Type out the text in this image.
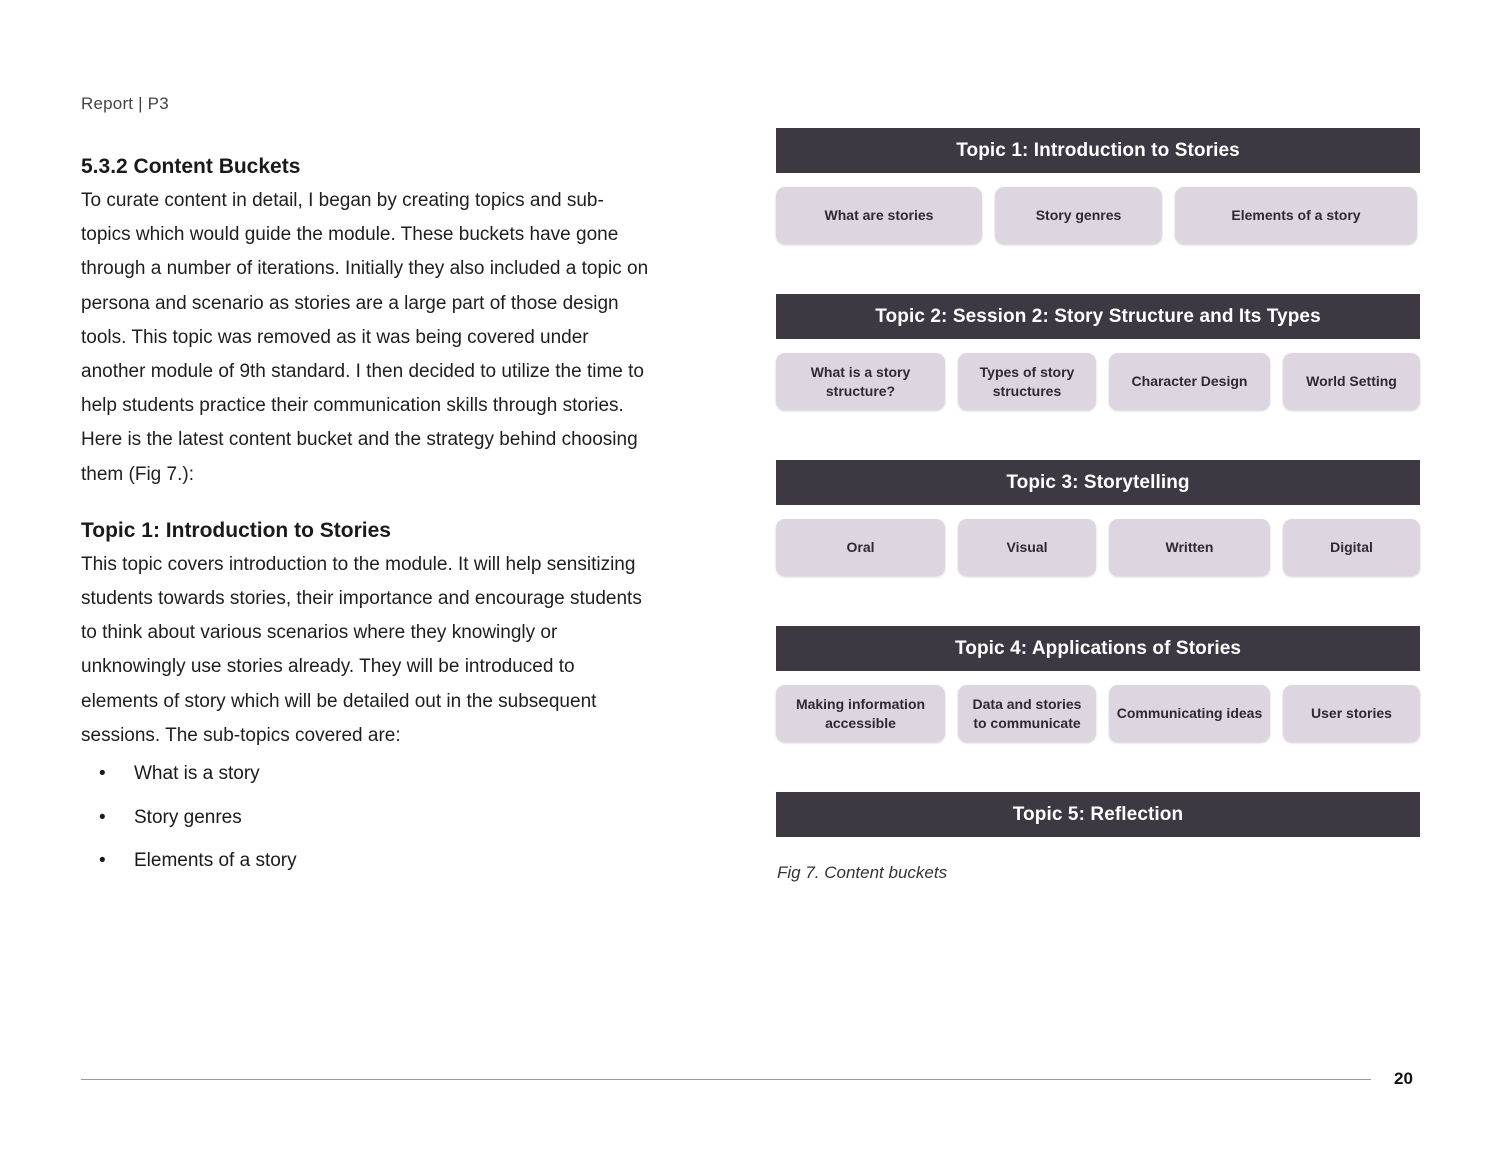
Report | P3
5.3.2 Content Buckets

To curate content in detail, I began by creating topics and sub-topics which would guide the module. These buckets have gone through a number of iterations. Initially they also included a topic on persona and scenario as stories are a large part of those design tools. This topic was removed as it was being covered under another module of 9th standard. I then decided to utilize the time to help students practice their communication skills through stories. Here is the latest content bucket and the strategy behind choosing them (Fig 7.):

Topic 1: Introduction to Stories

This topic covers introduction to the module. It will help sensitizing students towards stories, their importance and encourage students to think about various scenarios where they knowingly or unknowingly use stories already. They will be introduced to elements of story which will be detailed out in the subsequent sessions. The sub-topics covered are:

• What is a story
• Story genres
• Elements of a story
Topic 1: Introduction to Stories
What are stories	Story genres	Elements of a story
Topic 2: Session 2: Story Structure and Its Types
What is a story structure?
Types of story structures
Character Design	World Setting
Topic 3: Storytelling
Oral	Visual	Written	Digital
Topic 4: Applications of Stories
Making information accessible
Data and stories to communicate
Communicating ideas	User stories
Topic 5: Reflection
Fig 7. Content buckets
20
